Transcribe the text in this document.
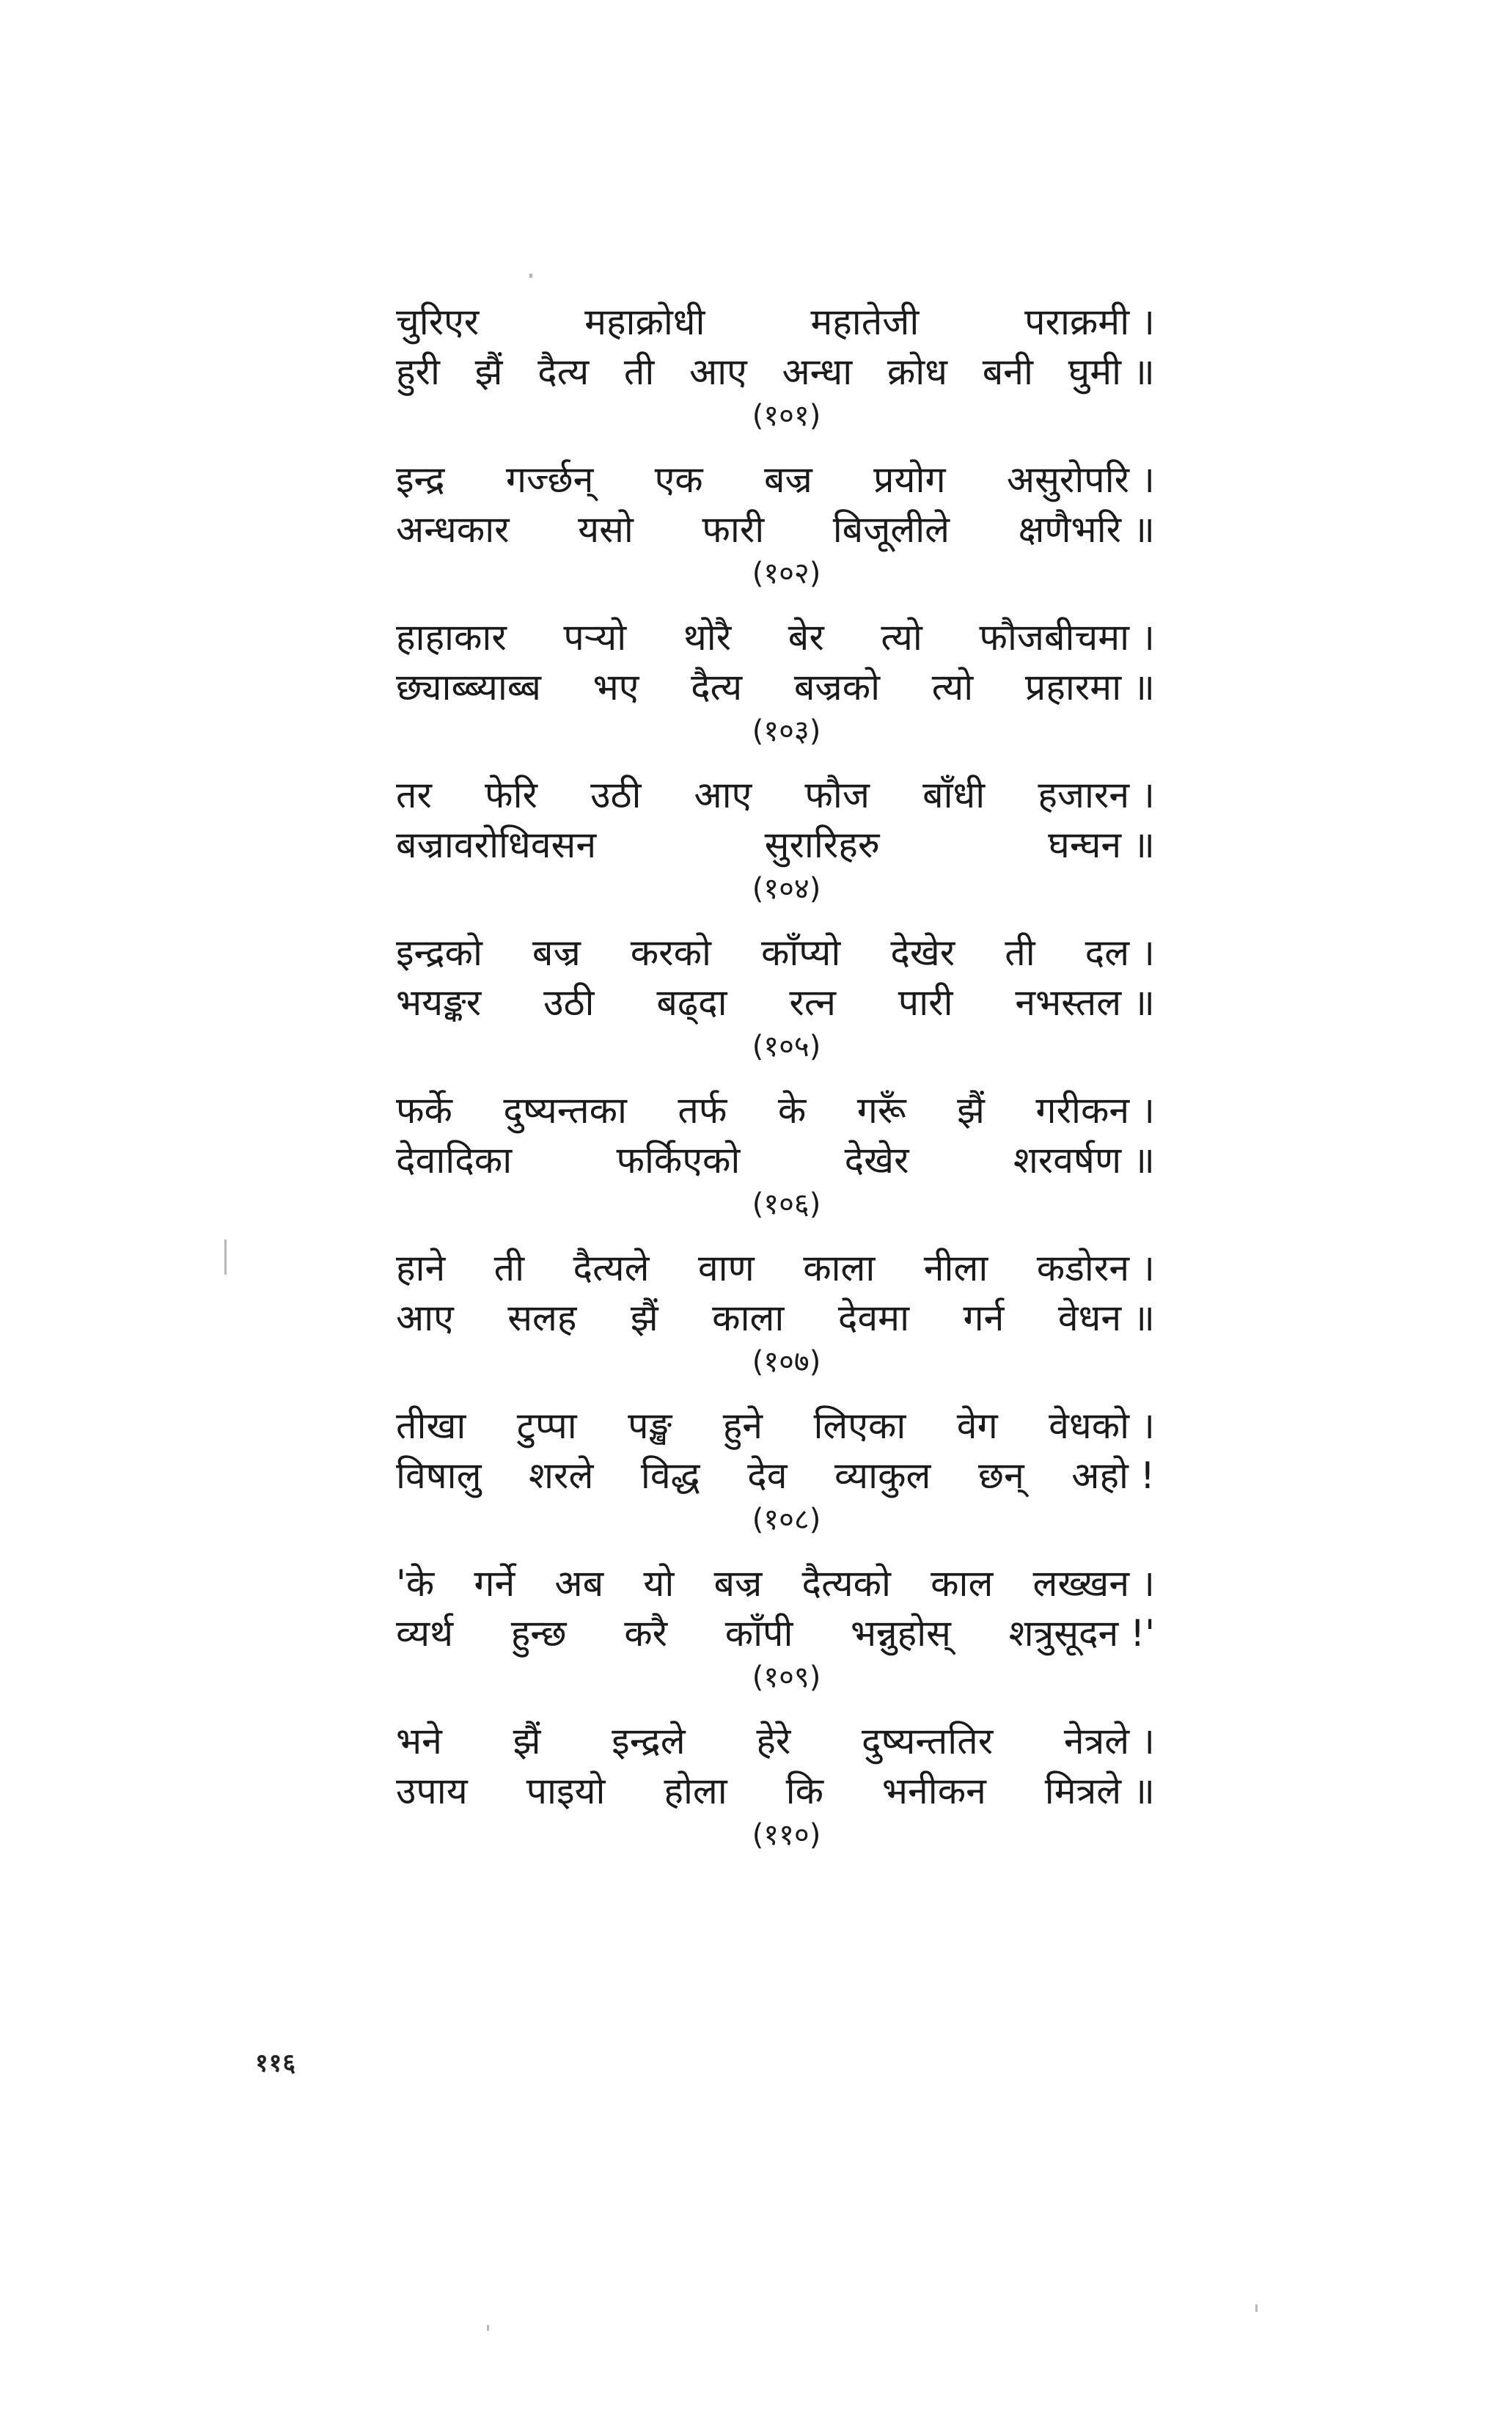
चुरिएर	महाक्रोधी	महातेजी	पराक्रमी ।
हुरी झैं दैत्य ती आए अन्धा क्रोध बनी घुमी ॥
(१०१)
इन्द्र गर्ज्छन् एक बज्र प्रयोग असुरोपरि ।
अन्धकार यसो फारी बिजूलीले क्षणैभरि ॥
(१०२)
हाहाकार पर्‍यो थोरै बेर त्यो फौजबीचमा ।
छ्याब्ब्याब्ब भए दैत्य बज्रको त्यो प्रहारमा ॥
(१०३)
तर फेरि उठी आए फौज बाँधी हजारन ।
बज्रावरोधिवसन	सुरारिहरु	घन्घन ॥
(१०४)
इन्द्रको बज्र करको काँप्यो देखेर ती दल ।
भयङ्कर उठी बढ्दा रत्न पारी नभस्तल ॥
(१०५)
फर्के दुष्यन्तका तर्फ के गरूँ झैं गरीकन ।
देवादिका	फर्किएको	देखेर	शरवर्षण ॥
(१०६)
हाने ती दैत्यले वाण काला नीला कडोरन ।
आए सलह झैं काला देवमा गर्न वेधन ॥
(१०७)
तीखा टुप्पा पङ्ख हुने लिएका वेग वेधको ।
विषालु शरले विद्ध देव व्याकुल छन् अहो !
(१०८)
'के गर्ने अब यो बज्र दैत्यको काल लख्खन ।
व्यर्थ हुन्छ करै काँपी भन्नुहोस् शत्रुसूदन !'
(१०९)
भने झैं इन्द्रले हेरे दुष्यन्ततिर नेत्रले ।
उपाय पाइयो होला कि भनीकन मित्रले ॥
(११०)
११६
